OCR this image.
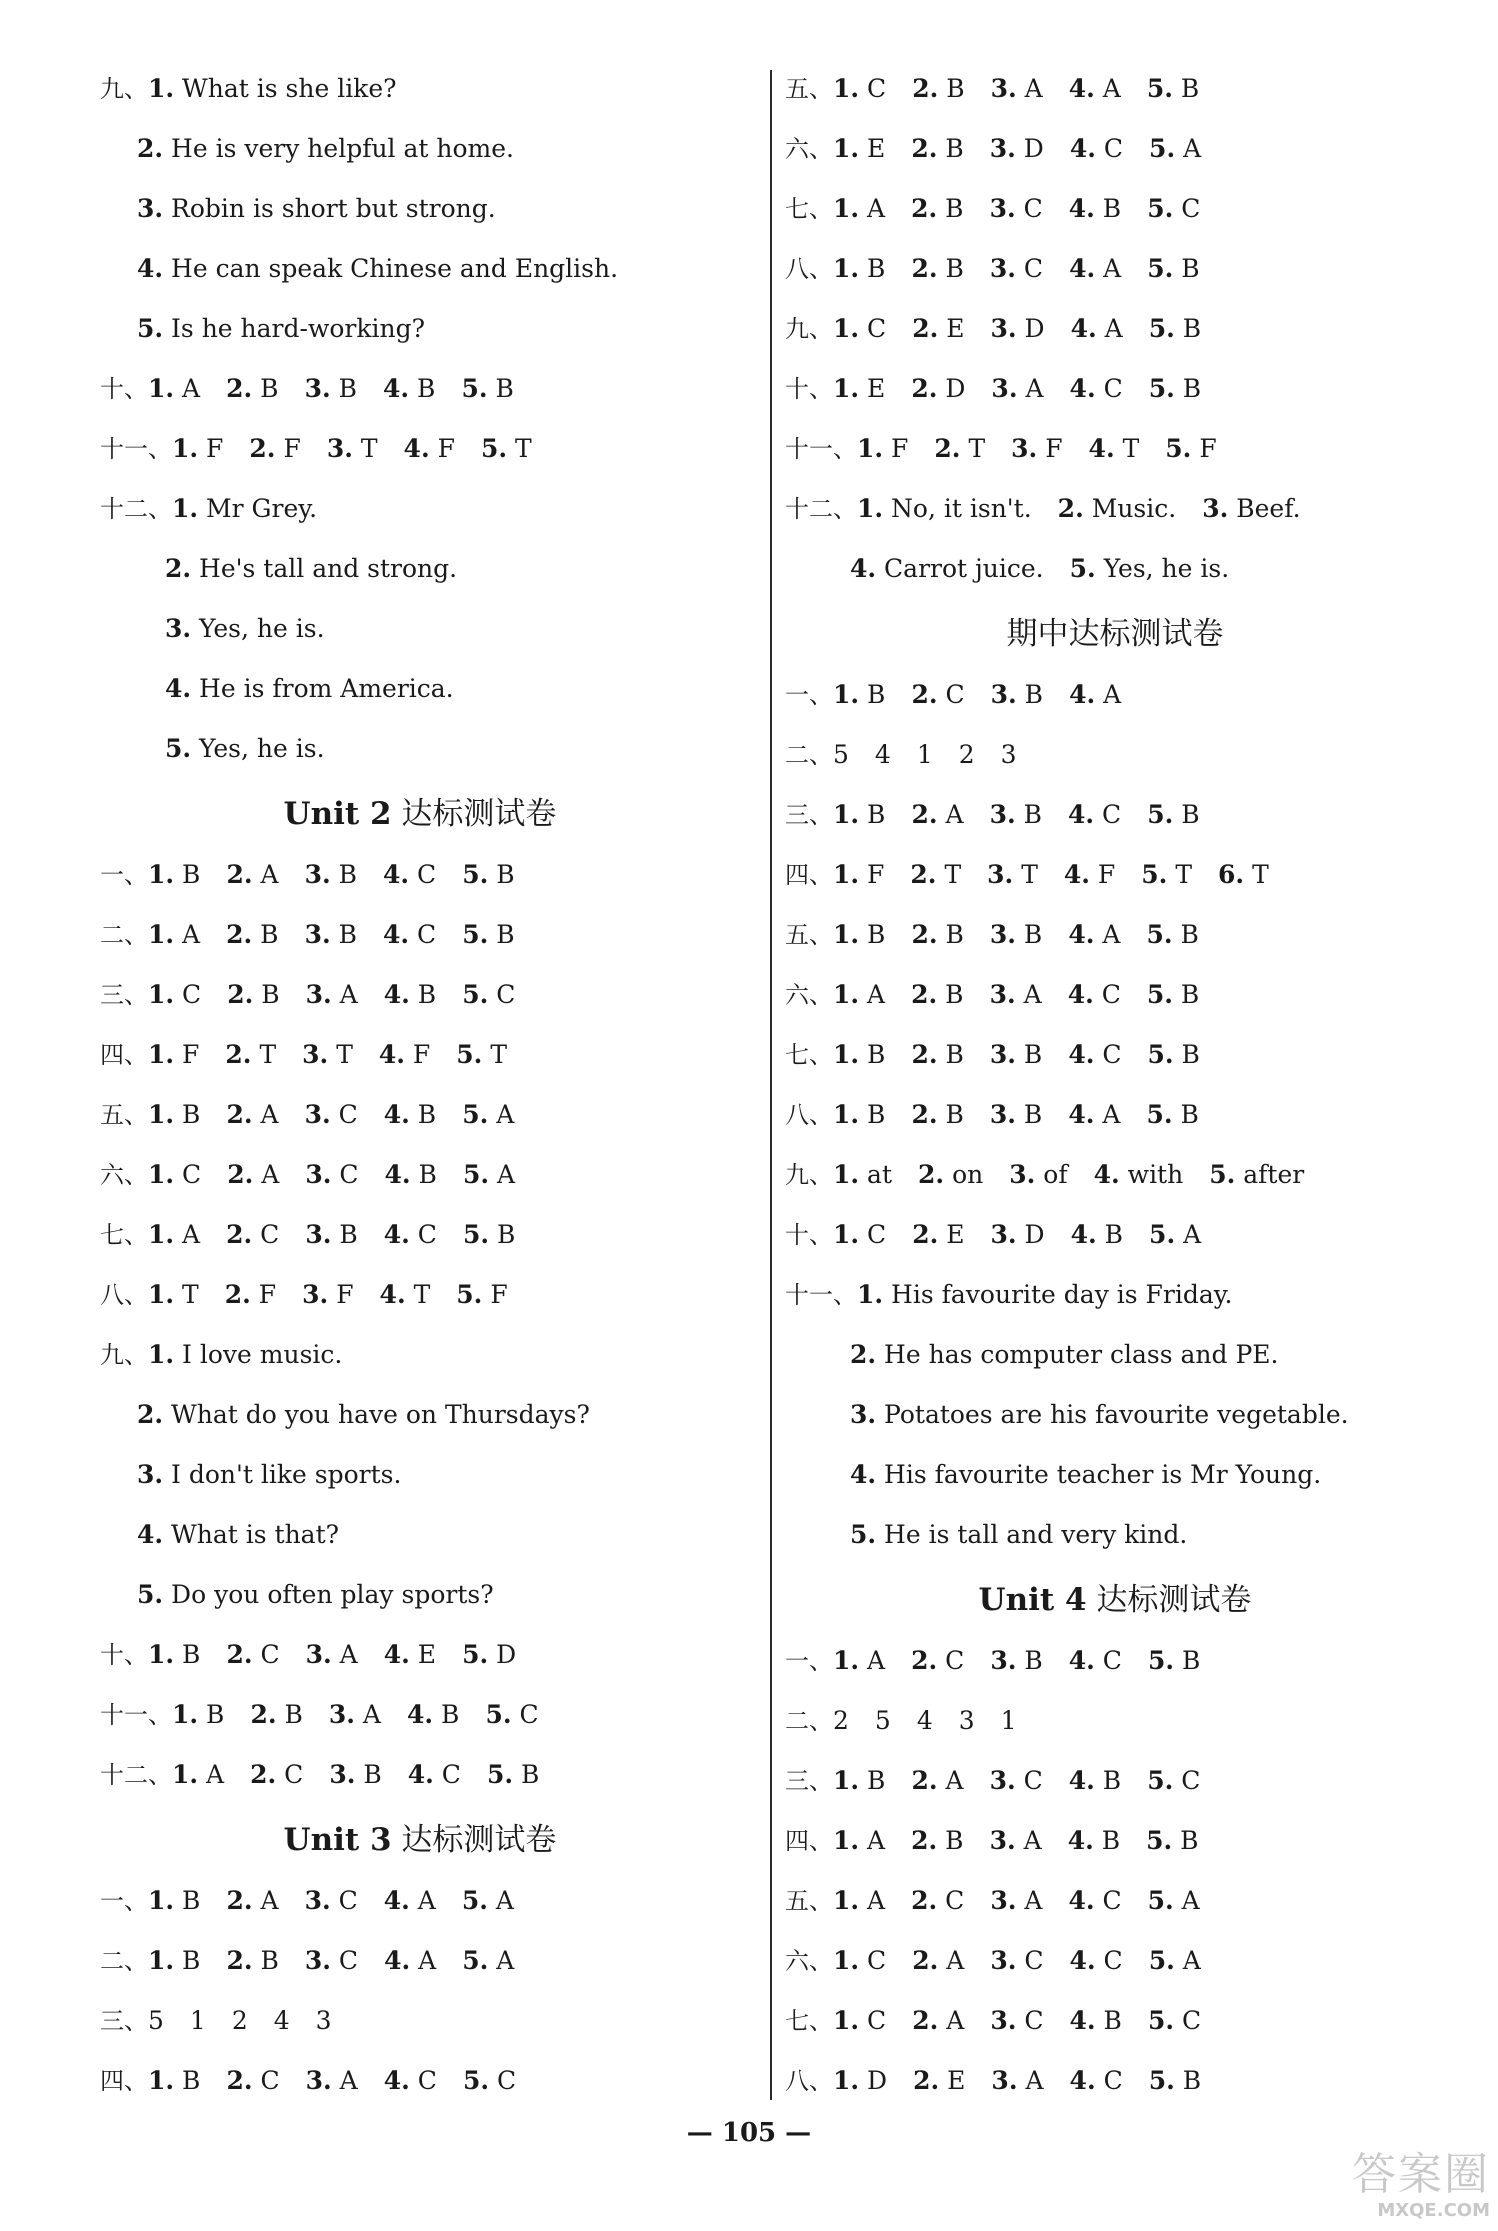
九、1. What is she like?
2. He is very helpful at home.
3. Robin is short but strong.
4. He can speak Chinese and English.
5. Is he hard-working?
十、1. A 2. B 3. B 4. B 5. B
十一、1. F 2. F 3. T 4. F 5. T
十二、1. Mr Grey.
2. He's tall and strong.
3. Yes, he is.
4. He is from America.
5. Yes, he is.
Unit 2 达标测试卷
一、1. B 2. A 3. B 4. C 5. B
二、1. A 2. B 3. B 4. C 5. B
三、1. C 2. B 3. A 4. B 5. C
四、1. F 2. T 3. T 4. F 5. T
五、1. B 2. A 3. C 4. B 5. A
六、1. C 2. A 3. C 4. B 5. A
七、1. A 2. C 3. B 4. C 5. B
八、1. T 2. F 3. F 4. T 5. F
九、1. I love music.
2. What do you have on Thursdays?
3. I don't like sports.
4. What is that?
5. Do you often play sports?
十、1. B 2. C 3. A 4. E 5. D
十一、1. B 2. B 3. A 4. B 5. C
十二、1. A 2. C 3. B 4. C 5. B
Unit 3 达标测试卷
一、1. B 2. A 3. C 4. A 5. A
二、1. B 2. B 3. C 4. A 5. A
三、5 1 2 4 3
四、1. B 2. C 3. A 4. C 5. C
五、1. C 2. B 3. A 4. A 5. B
六、1. E 2. B 3. D 4. C 5. A
七、1. A 2. B 3. C 4. B 5. C
八、1. B 2. B 3. C 4. A 5. B
九、1. C 2. E 3. D 4. A 5. B
十、1. E 2. D 3. A 4. C 5. B
十一、1. F 2. T 3. F 4. T 5. F
十二、1. No, it isn't. 2. Music. 3. Beef.
4. Carrot juice. 5. Yes, he is.
期中达标测试卷
一、1. B 2. C 3. B 4. A
二、5 4 1 2 3
三、1. B 2. A 3. B 4. C 5. B
四、1. F 2. T 3. T 4. F 5. T 6. T
五、1. B 2. B 3. B 4. A 5. B
六、1. A 2. B 3. A 4. C 5. B
七、1. B 2. B 3. B 4. C 5. B
八、1. B 2. B 3. B 4. A 5. B
九、1. at 2. on 3. of 4. with 5. after
十、1. C 2. E 3. D 4. B 5. A
十一、1. His favourite day is Friday.
2. He has computer class and PE.
3. Potatoes are his favourite vegetable.
4. His favourite teacher is Mr Young.
5. He is tall and very kind.
Unit 4 达标测试卷
一、1. A 2. C 3. B 4. C 5. B
二、2 5 4 3 1
三、1. B 2. A 3. C 4. B 5. C
四、1. A 2. B 3. A 4. B 5. B
五、1. A 2. C 3. A 4. C 5. A
六、1. C 2. A 3. C 4. C 5. A
七、1. C 2. A 3. C 4. B 5. C
八、1. D 2. E 3. A 4. C 5. B
— 105 —
答案圈
MXQE.COM
